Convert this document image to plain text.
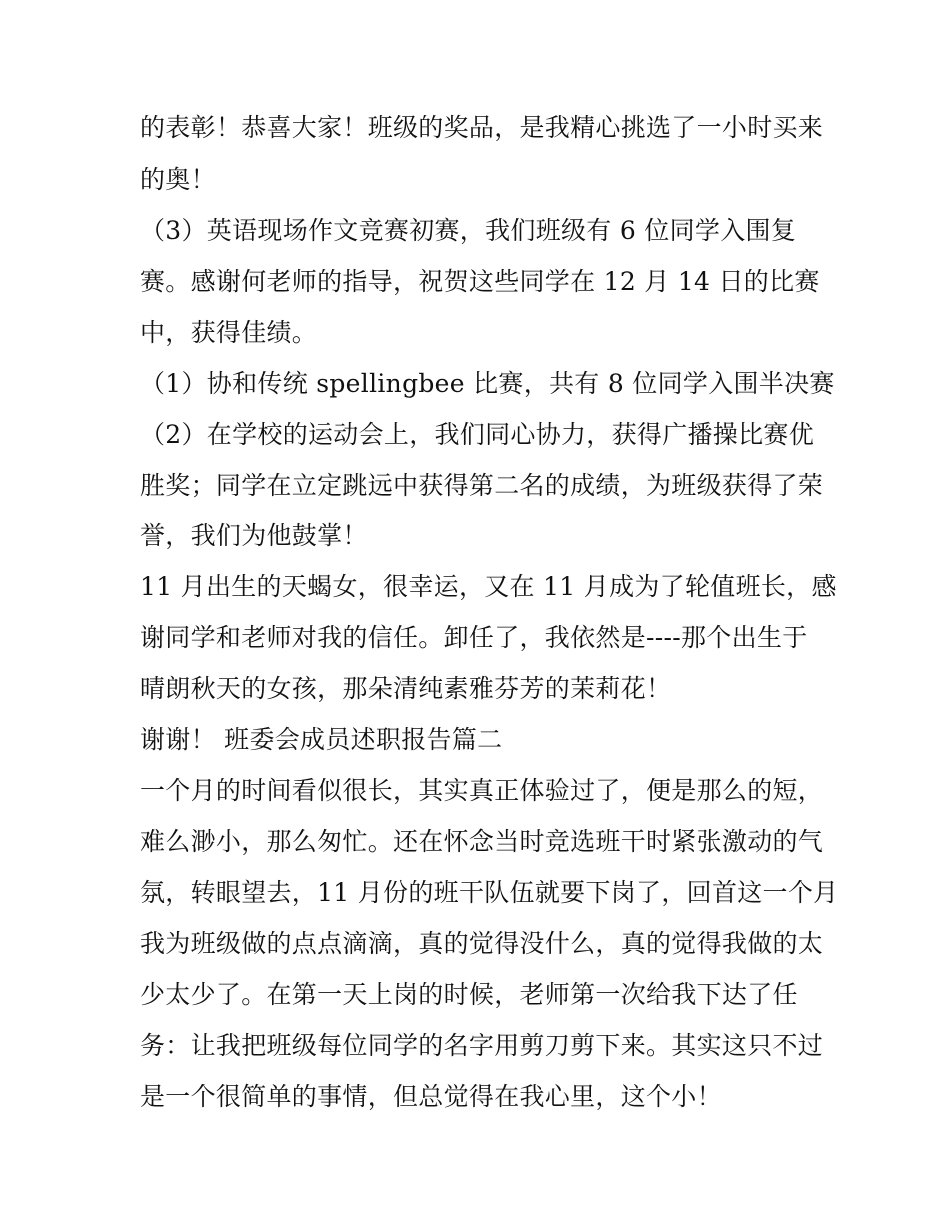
的表彰！恭喜大家！班级的奖品，是我精心挑选了一小时买来
的奥！
（3）英语现场作文竞赛初赛，我们班级有 6 位同学入围复
赛。感谢何老师的指导，祝贺这些同学在 12 月 14 日的比赛
中，获得佳绩。
（1）协和传统 spellingbee 比赛，共有 8 位同学入围半决赛
（2）在学校的运动会上，我们同心协力，获得广播操比赛优
胜奖；同学在立定跳远中获得第二名的成绩，为班级获得了荣
誉，我们为他鼓掌！
11 月出生的天蝎女，很幸运，又在 11 月成为了轮值班长，感
谢同学和老师对我的信任。卸任了，我依然是----那个出生于
晴朗秋天的女孩，那朵清纯素雅芬芳的茉莉花！
谢谢！ 班委会成员述职报告篇二
一个月的时间看似很长，其实真正体验过了，便是那么的短，
难么渺小，那么匆忙。还在怀念当时竞选班干时紧张激动的气
氛，转眼望去，11 月份的班干队伍就要下岗了，回首这一个月
我为班级做的点点滴滴，真的觉得没什么，真的觉得我做的太
少太少了。在第一天上岗的时候，老师第一次给我下达了任
务：让我把班级每位同学的名字用剪刀剪下来。其实这只不过
是一个很简单的事情，但总觉得在我心里，这个小！
